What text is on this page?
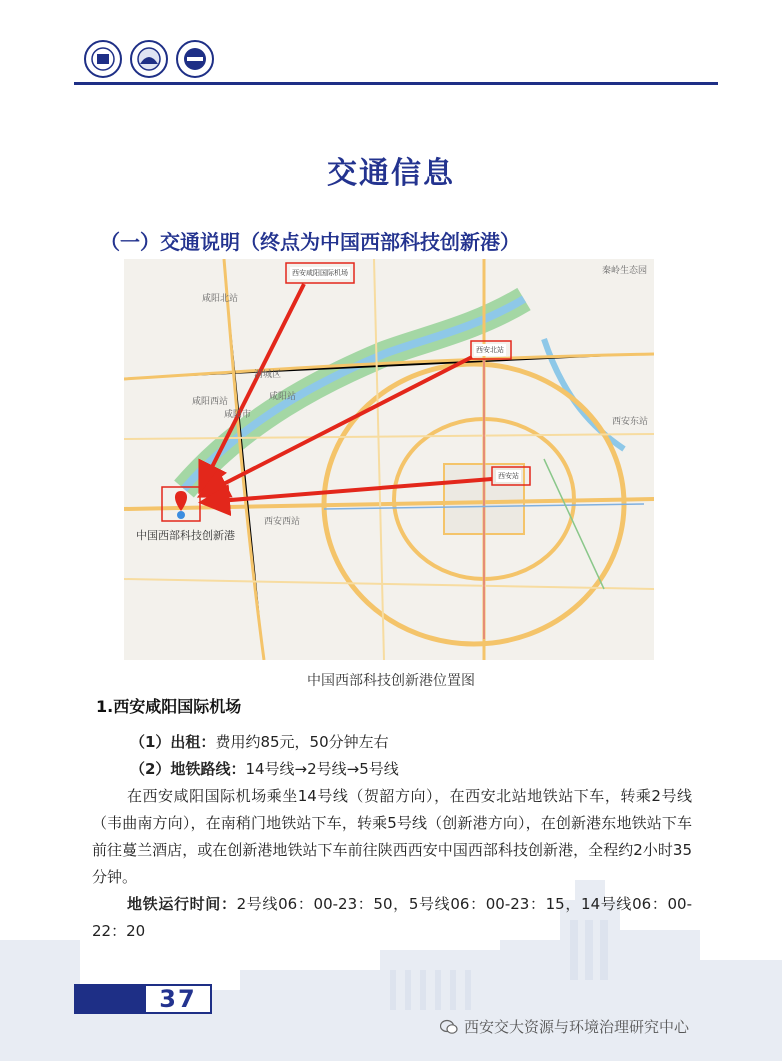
交通信息
（一）交通说明（终点为中国西部科技创新港）
西安咸阳国际机场
西安北站
西安站
中国西部科技创新港
咸阳北站
咸阳西站	咸阳站
西安西站
西安东站
秦岭生态园
渭城区
咸阳市
中国西部科技创新港位置图
1.西安咸阳国际机场
（1）出租：费用约85元，50分钟左右
（2）地铁路线：14号线→2号线→5号线
在西安咸阳国际机场乘坐14号线（贺韶方向），在西安北站地铁站下车，转乘2号线（韦曲南方向），在南稍门地铁站下车，转乘5号线（创新港方向），在创新港东地铁站下车前往蔓兰酒店，或在创新港地铁站下车前往陕西西安中国西部科技创新港，全程约2小时35分钟。
地铁运行时间：2号线06：00-23：50，5号线06：00-23：15，14号线06：00-22：20
37
西安交大资源与环境治理研究中心
